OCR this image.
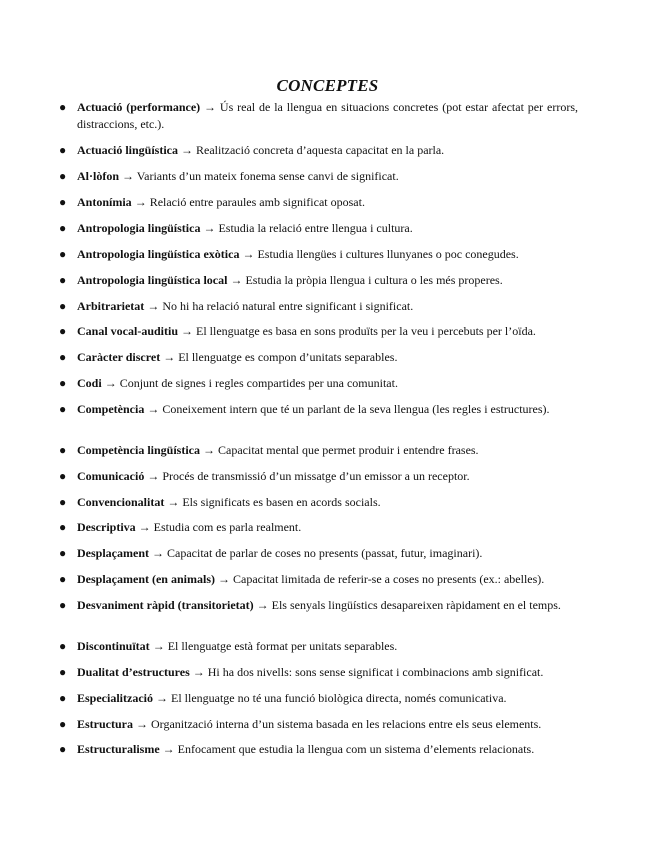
CONCEPTES
● Actuació (performance) → Ús real de la llengua en situacions concretes (pot estar afectat per errors, distraccions, etc.).
● Actuació lingüística → Realització concreta d’aquesta capacitat en la parla.
● Al·lòfon → Variants d’un mateix fonema sense canvi de significat.
● Antonímia → Relació entre paraules amb significat oposat.
● Antropologia lingüística → Estudia la relació entre llengua i cultura.
● Antropologia lingüística exòtica → Estudia llengües i cultures llunyanes o poc conegudes.
● Antropologia lingüística local → Estudia la pròpia llengua i cultura o les més properes.
● Arbitrarietat → No hi ha relació natural entre significant i significat.
● Canal vocal-auditiu → El llenguatge es basa en sons produïts per la veu i percebuts per l’oïda.
● Caràcter discret → El llenguatge es compon d’unitats separables.
● Codi → Conjunt de signes i regles compartides per una comunitat.
● Competència → Coneixement intern que té un parlant de la seva llengua (les regles i estructures).
● Competència lingüística → Capacitat mental que permet produir i entendre frases.
● Comunicació → Procés de transmissió d’un missatge d’un emissor a un receptor.
● Convencionalitat → Els significats es basen en acords socials.
● Descriptiva → Estudia com es parla realment.
● Desplaçament → Capacitat de parlar de coses no presents (passat, futur, imaginari).
● Desplaçament (en animals) → Capacitat limitada de referir-se a coses no presents (ex.: abelles).
● Desvaniment ràpid (transitorietat) → Els senyals lingüístics desapareixen ràpidament en el temps.
● Discontinuïtat → El llenguatge està format per unitats separables.
● Dualitat d’estructures → Hi ha dos nivells: sons sense significat i combinacions amb significat.
● Especialització → El llenguatge no té una funció biològica directa, només comunicativa.
● Estructura → Organització interna d’un sistema basada en les relacions entre els seus elements.
● Estructuralisme → Enfocament que estudia la llengua com un sistema d’elements relacionats.
